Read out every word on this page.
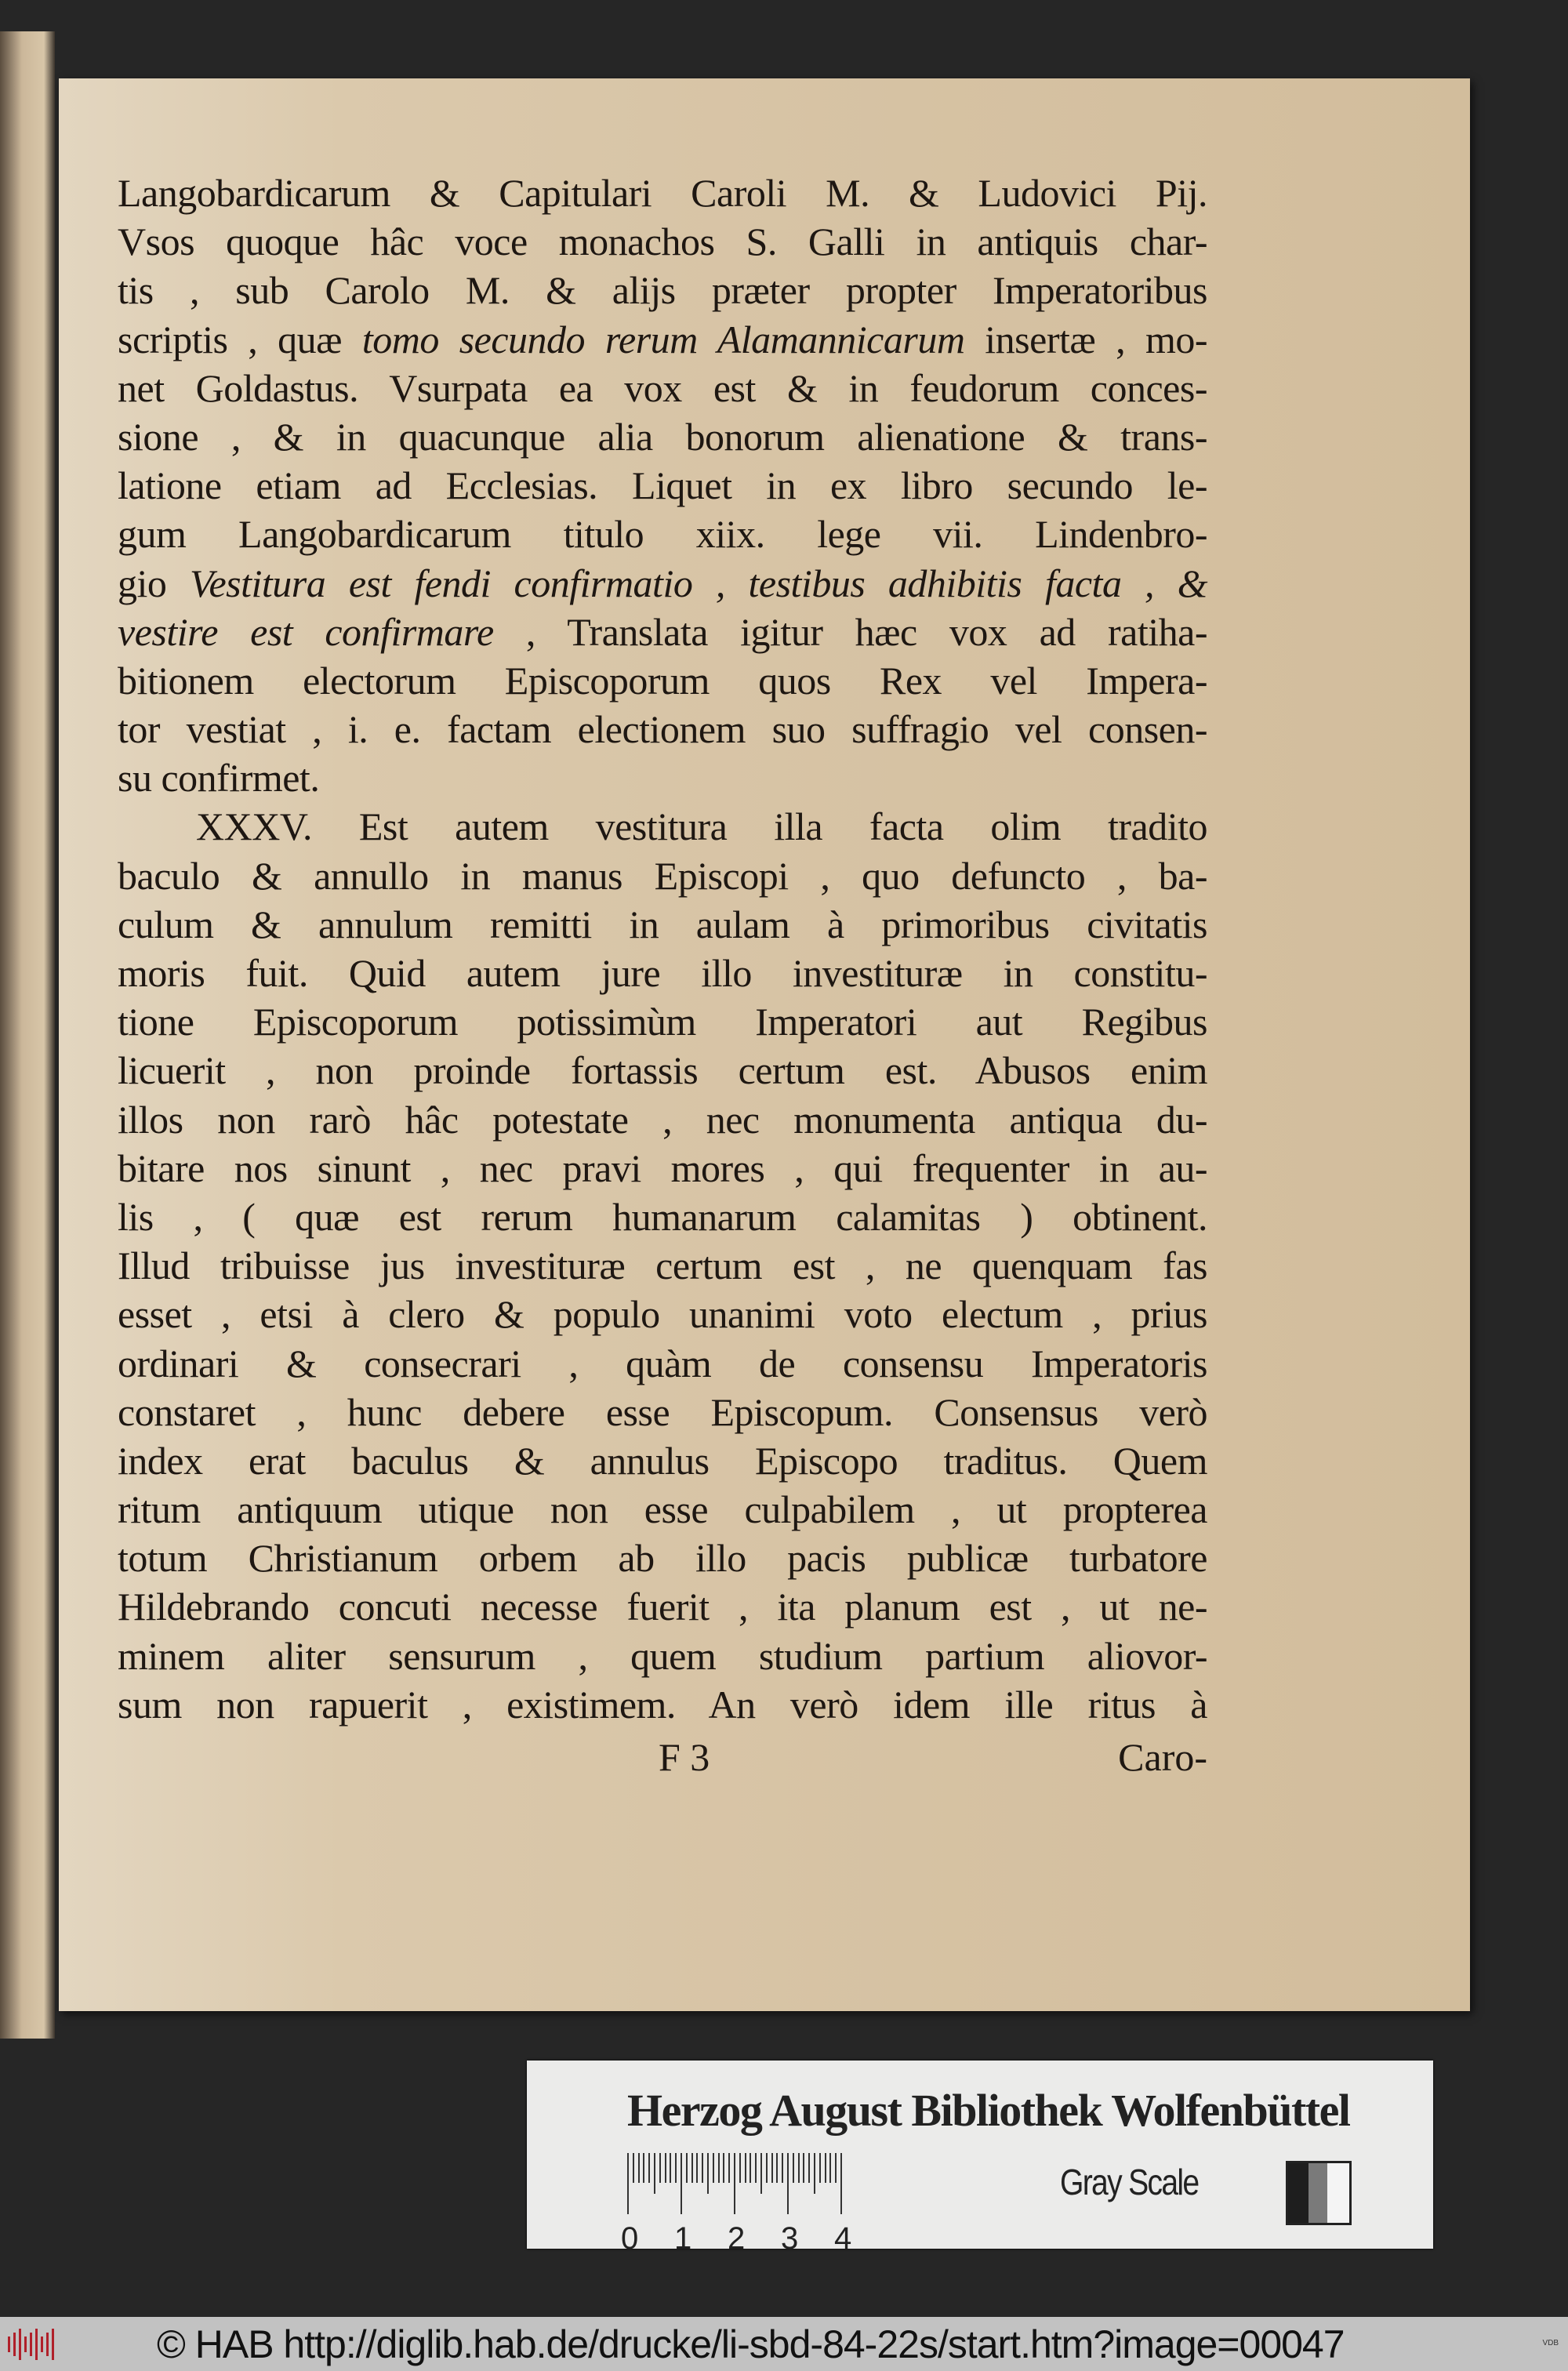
Langobardicarum & Capitulari Caroli M. & Ludovici Pij.
Vsos quoque hâc voce monachos S. Galli in antiquis char-
tis , sub Carolo M. & alijs præter propter Imperatoribus
scriptis , quæ tomo secundo rerum Alamannicarum insertæ , mo-
net Goldastus. Vsurpata ea vox est & in feudorum conces-
sione , & in quacunque alia bonorum alienatione & trans-
latione etiam ad Ecclesias. Liquet in ex libro secundo le-
gum Langobardicarum titulo xiix. lege vii. Lindenbro-
gio Vestitura est fendi confirmatio , testibus adhibitis facta , &
vestire est confirmare , Translata igitur hæc vox ad ratiha-
bitionem electorum Episcoporum quos Rex vel Impera-
tor vestiat , i. e. factam electionem suo suffragio vel consen-
su confirmet.
XXXV. Est autem vestitura illa facta olim tradito
baculo & annullo in manus Episcopi , quo defuncto , ba-
culum & annulum remitti in aulam à primoribus civitatis
moris fuit. Quid autem jure illo investituræ in constitu-
tione Episcoporum potissimùm Imperatori aut Regibus
licuerit , non proinde fortassis certum est. Abusos enim
illos non rarò hâc potestate , nec monumenta antiqua du-
bitare nos sinunt , nec pravi mores , qui frequenter in au-
lis , ( quæ est rerum humanarum calamitas ) obtinent.
Illud tribuisse jus investituræ certum est , ne quenquam fas
esset , etsi à clero & populo unanimi voto electum , prius
ordinari & consecrari , quàm de consensu Imperatoris
constaret , hunc debere esse Episcopum. Consensus verò
index erat baculus & annulus Episcopo traditus. Quem
ritum antiquum utique non esse culpabilem , ut propterea
totum Christianum orbem ab illo pacis publicæ turbatore
Hildebrando concuti necesse fuerit , ita planum est , ut ne-
minem aliter sensurum , quem studium partium aliovor-
sum non rapuerit , existimem. An verò idem ille ritus à
F 3	Caro-
Herzog August Bibliothek Wolfenbüttel
0 1 2 3 4
Gray Scale
© HAB http://diglib.hab.de/drucke/li-sbd-84-22s/start.htm?image=00047	VDB
